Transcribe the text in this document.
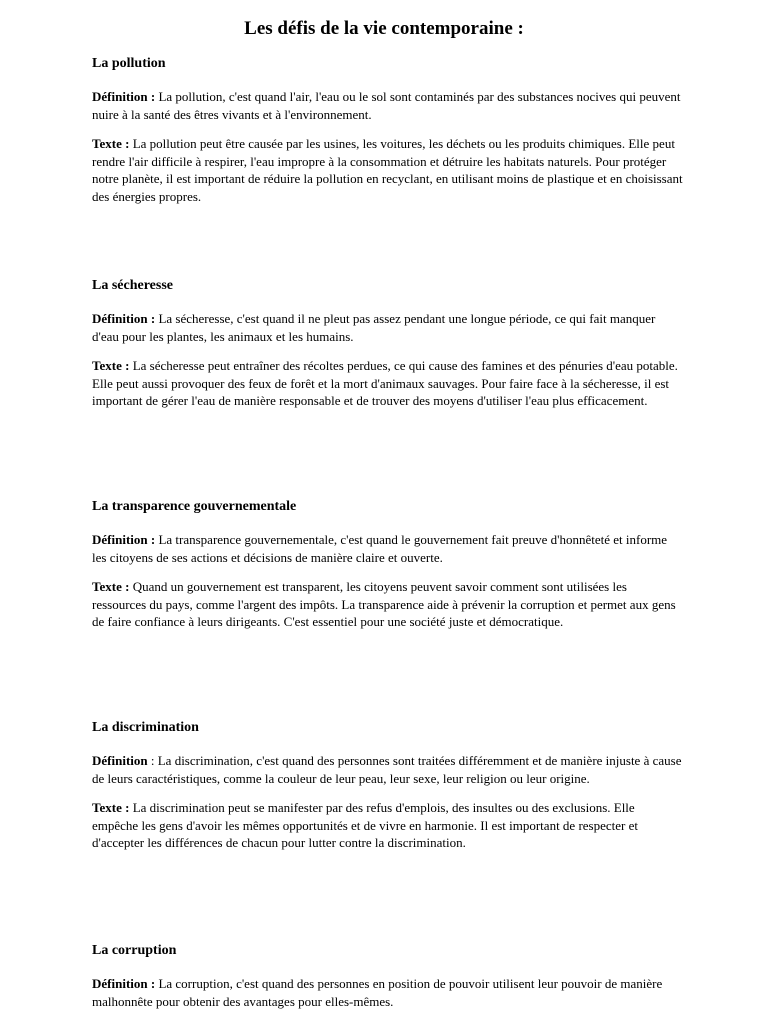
Les défis de la vie contemporaine :
La pollution

Définition : La pollution, c'est quand l'air, l'eau ou le sol sont contaminés par des substances nocives qui peuvent nuire à la santé des êtres vivants et à l'environnement.

Texte : La pollution peut être causée par les usines, les voitures, les déchets ou les produits chimiques. Elle peut rendre l'air difficile à respirer, l'eau impropre à la consommation et détruire les habitats naturels. Pour protéger notre planète, il est important de réduire la pollution en recyclant, en utilisant moins de plastique et en choisissant des énergies propres.

La sécheresse

Définition : La sécheresse, c'est quand il ne pleut pas assez pendant une longue période, ce qui fait manquer d'eau pour les plantes, les animaux et les humains.

Texte : La sécheresse peut entraîner des récoltes perdues, ce qui cause des famines et des pénuries d'eau potable. Elle peut aussi provoquer des feux de forêt et la mort d'animaux sauvages. Pour faire face à la sécheresse, il est important de gérer l'eau de manière responsable et de trouver des moyens d'utiliser l'eau plus efficacement.

La transparence gouvernementale

Définition : La transparence gouvernementale, c'est quand le gouvernement fait preuve d'honnêteté et informe les citoyens de ses actions et décisions de manière claire et ouverte.

Texte : Quand un gouvernement est transparent, les citoyens peuvent savoir comment sont utilisées les ressources du pays, comme l'argent des impôts. La transparence aide à prévenir la corruption et permet aux gens de faire confiance à leurs dirigeants. C'est essentiel pour une société juste et démocratique.

La discrimination

Définition : La discrimination, c'est quand des personnes sont traitées différemment et de manière injuste à cause de leurs caractéristiques, comme la couleur de leur peau, leur sexe, leur religion ou leur origine.

Texte : La discrimination peut se manifester par des refus d'emplois, des insultes ou des exclusions. Elle empêche les gens d'avoir les mêmes opportunités et de vivre en harmonie. Il est important de respecter et d'accepter les différences de chacun pour lutter contre la discrimination.

La corruption

Définition : La corruption, c'est quand des personnes en position de pouvoir utilisent leur pouvoir de manière malhonnête pour obtenir des avantages pour elles-mêmes.
